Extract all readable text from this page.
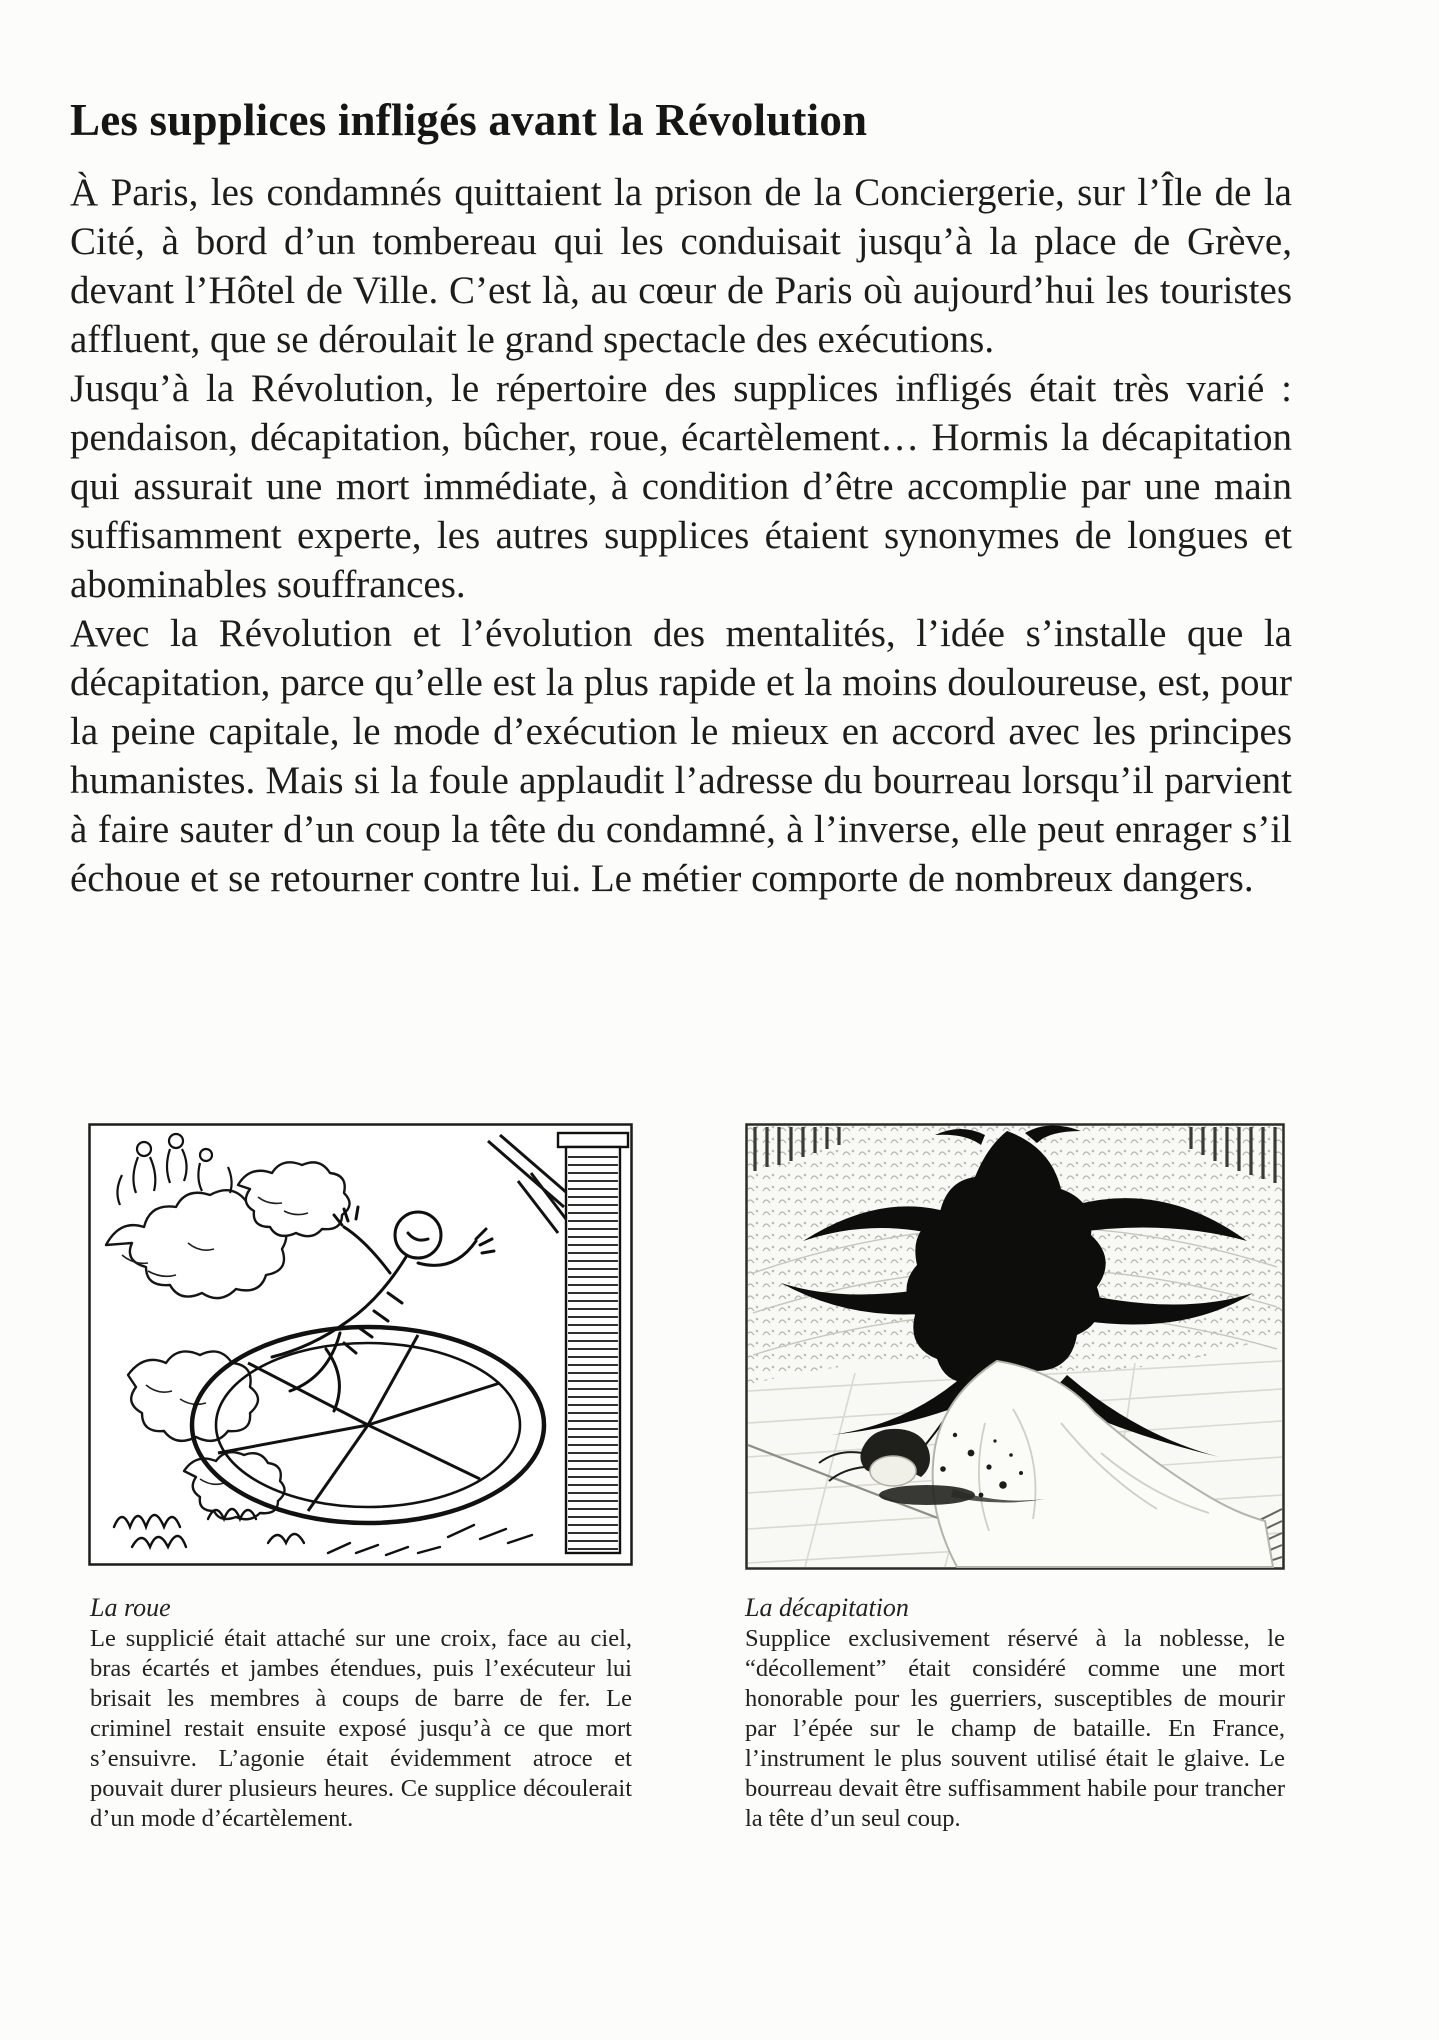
Les supplices infligés avant la Révolution

À Paris, les condamnés quittaient la prison de la Conciergerie, sur l’Île de la Cité, à bord d’un tombereau qui les conduisait jusqu’à la place de Grève, devant l’Hôtel de Ville. C’est là, au cœur de Paris où aujourd’hui les touristes affluent, que se déroulait le grand spectacle des exécutions.

Jusqu’à la Révolution, le répertoire des supplices infligés était très varié : pendaison, décapitation, bûcher, roue, écartèlement… Hormis la décapitation qui assurait une mort immédiate, à condition d’être accomplie par une main suffisamment experte, les autres supplices étaient synonymes de longues et abominables souffrances.

Avec la Révolution et l’évolution des mentalités, l’idée s’installe que la décapitation, parce qu’elle est la plus rapide et la moins douloureuse, est, pour la peine capitale, le mode d’exécution le mieux en accord avec les principes humanistes. Mais si la foule applaudit l’adresse du bourreau lorsqu’il parvient à faire sauter d’un coup la tête du condamné, à l’inverse, elle peut enrager s’il échoue et se retourner contre lui. Le métier comporte de nombreux dangers.

La roue
Le supplicié était attaché sur une croix, face au ciel, bras écartés et jambes étendues, puis l’exécuteur lui brisait les membres à coups de barre de fer. Le criminel restait ensuite exposé jusqu’à ce que mort s’ensuivre. L’agonie était évidemment atroce et pouvait durer plusieurs heures. Ce supplice découlerait d’un mode d’écartèlement.
La décapitation
Supplice exclusivement réservé à la noblesse, le “décollement” était considéré comme une mort honorable pour les guerriers, susceptibles de mourir par l’épée sur le champ de bataille. En France, l’instrument le plus souvent utilisé était le glaive. Le bourreau devait être suffisamment habile pour trancher la tête d’un seul coup.
